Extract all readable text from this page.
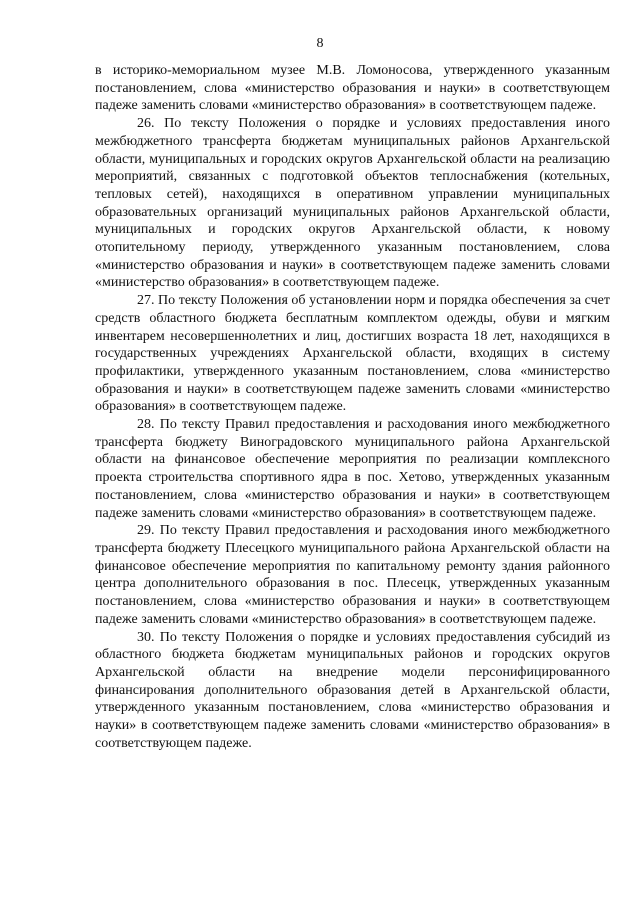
8

в историко-мемориальном музее М.В. Ломоносова, утвержденного указанным постановлением, слова «министерство образования и науки» в соответствующем падеже заменить словами «министерство образования» в соответствующем падеже.

26. По тексту Положения о порядке и условиях предоставления иного межбюджетного трансферта бюджетам муниципальных районов Архангельской области, муниципальных и городских округов Архангельской области на реализацию мероприятий, связанных с подготовкой объектов теплоснабжения (котельных, тепловых сетей), находящихся в оперативном управлении муниципальных образовательных организаций муниципальных районов Архангельской области, муниципальных и городских округов Архангельской области, к новому отопительному периоду, утвержденного указанным постановлением, слова «министерство образования и науки» в соответствующем падеже заменить словами «министерство образования» в соответствующем падеже.

27. По тексту Положения об установлении норм и порядка обеспечения за счет средств областного бюджета бесплатным комплектом одежды, обуви и мягким инвентарем несовершеннолетних и лиц, достигших возраста 18 лет, находящихся в государственных учреждениях Архангельской области, входящих в систему профилактики, утвержденного указанным постановлением, слова «министерство образования и науки» в соответствующем падеже заменить словами «министерство образования» в соответствующем падеже.

28. По тексту Правил предоставления и расходования иного межбюджетного трансферта бюджету Виноградовского муниципального района Архангельской области на финансовое обеспечение мероприятия по реализации комплексного проекта строительства спортивного ядра в пос. Хетово, утвержденных указанным постановлением, слова «министерство образования и науки» в соответствующем падеже заменить словами «министерство образования» в соответствующем падеже.

29. По тексту Правил предоставления и расходования иного межбюджетного трансферта бюджету Плесецкого муниципального района Архангельской области на финансовое обеспечение мероприятия по капитальному ремонту здания районного центра дополнительного образования в пос. Плесецк, утвержденных указанным постановлением, слова «министерство образования и науки» в соответствующем падеже заменить словами «министерство образования» в соответствующем падеже.

30. По тексту Положения о порядке и условиях предоставления субсидий из областного бюджета бюджетам муниципальных районов и городских округов Архангельской области на внедрение модели персонифицированного финансирования дополнительного образования детей в Архангельской области, утвержденного указанным постановлением, слова «министерство образования и науки» в соответствующем падеже заменить словами «министерство образования» в соответствующем падеже.
